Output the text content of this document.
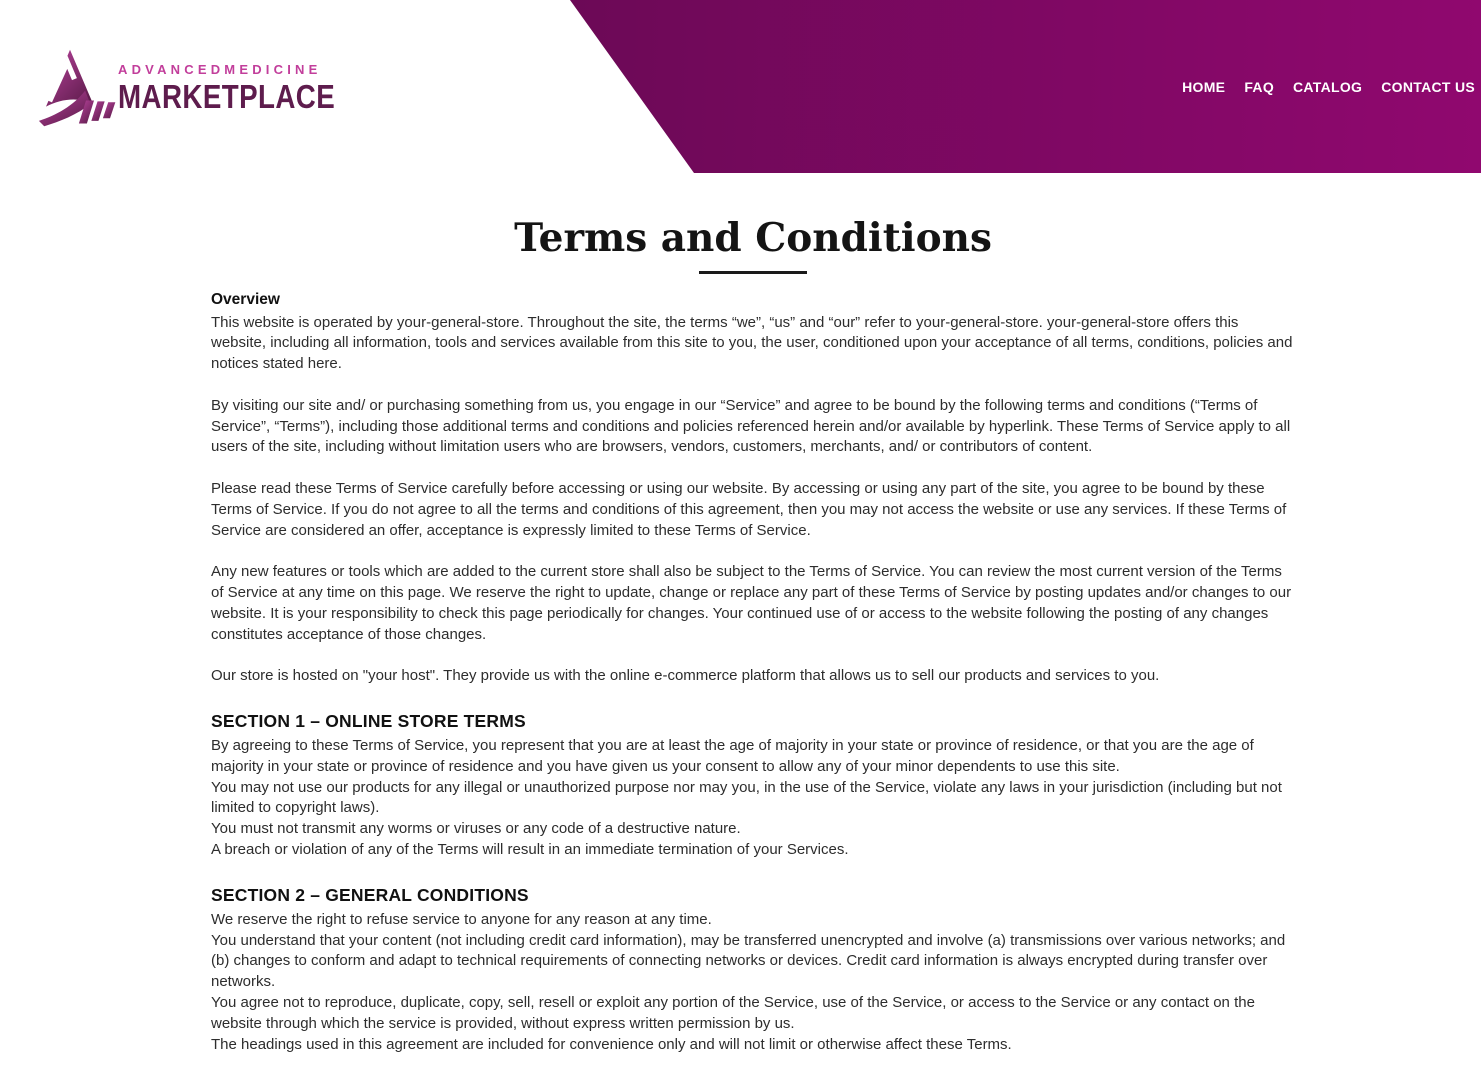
ADVANCEDMEDICINE
MARKETPLACE	HOME FAQ CATALOG CONTACT US
Terms and Conditions
Overview

This website is operated by your-general-store. Throughout the site, the terms “we”, “us” and “our” refer to your-general-store. your-general-store offers this website, including all information, tools and services available from this site to you, the user, conditioned upon your acceptance of all terms, conditions, policies and notices stated here.

By visiting our site and/ or purchasing something from us, you engage in our “Service” and agree to be bound by the following terms and conditions (“Terms of Service”, “Terms”), including those additional terms and conditions and policies referenced herein and/or available by hyperlink. These Terms of Service apply to all users of the site, including without limitation users who are browsers, vendors, customers, merchants, and/ or contributors of content.

Please read these Terms of Service carefully before accessing or using our website. By accessing or using any part of the site, you agree to be bound by these Terms of Service. If you do not agree to all the terms and conditions of this agreement, then you may not access the website or use any services. If these Terms of Service are considered an offer, acceptance is expressly limited to these Terms of Service.

Any new features or tools which are added to the current store shall also be subject to the Terms of Service. You can review the most current version of the Terms of Service at any time on this page. We reserve the right to update, change or replace any part of these Terms of Service by posting updates and/or changes to our website. It is your responsibility to check this page periodically for changes. Your continued use of or access to the website following the posting of any changes constitutes acceptance of those changes.

Our store is hosted on "your host". They provide us with the online e-commerce platform that allows us to sell our products and services to you.

SECTION 1 – ONLINE STORE TERMS

By agreeing to these Terms of Service, you represent that you are at least the age of majority in your state or province of residence, or that you are the age of majority in your state or province of residence and you have given us your consent to allow any of your minor dependents to use this site.

You may not use our products for any illegal or unauthorized purpose nor may you, in the use of the Service, violate any laws in your jurisdiction (including but not limited to copyright laws).

You must not transmit any worms or viruses or any code of a destructive nature.

A breach or violation of any of the Terms will result in an immediate termination of your Services.

SECTION 2 – GENERAL CONDITIONS

We reserve the right to refuse service to anyone for any reason at any time.

You understand that your content (not including credit card information), may be transferred unencrypted and involve (a) transmissions over various networks; and (b) changes to conform and adapt to technical requirements of connecting networks or devices. Credit card information is always encrypted during transfer over networks.

You agree not to reproduce, duplicate, copy, sell, resell or exploit any portion of the Service, use of the Service, or access to the Service or any contact on the website through which the service is provided, without express written permission by us.

The headings used in this agreement are included for convenience only and will not limit or otherwise affect these Terms.
